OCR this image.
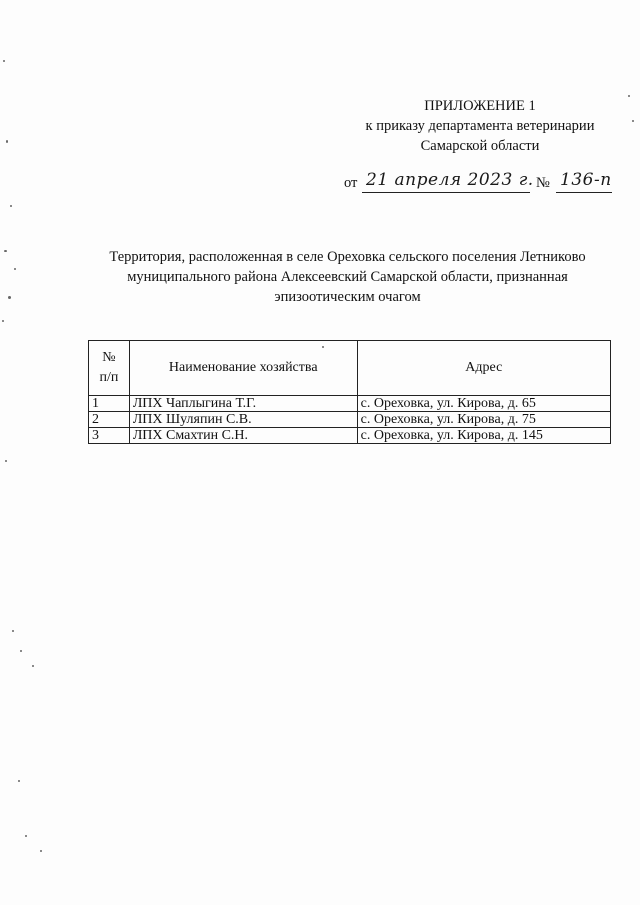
ПРИЛОЖЕНИЕ 1
к приказу департамента ветеринарии
Самарской области
от 21 апреля 2023 г. № 136-п
Территория, расположенная в селе Ореховка сельского поселения Летниково
муниципального района Алексеевский Самарской области, признанная
эпизоотическим очагом
№
п/п	Наименование хозяйства	Адрес
1	ЛПХ Чаплыгина Т.Г.	с. Ореховка, ул. Кирова, д. 65
2	ЛПХ Шуляпин С.В.	с. Ореховка, ул. Кирова, д. 75
3	ЛПХ Смахтин С.Н.	с. Ореховка, ул. Кирова, д. 145
